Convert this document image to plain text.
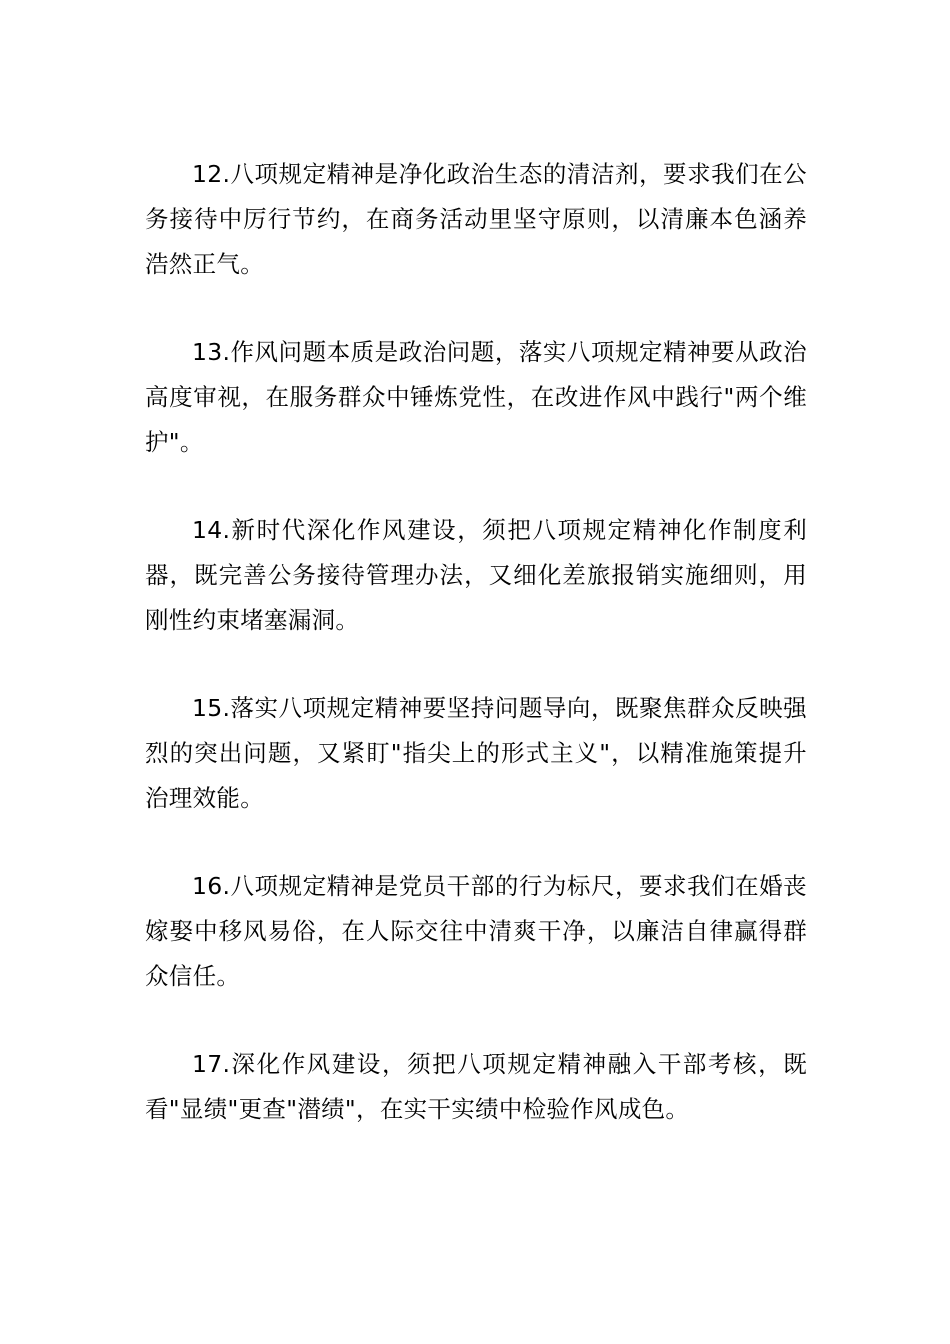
12.八项规定精神是净化政治生态的清洁剂，要求我们在公务接待中厉行节约，在商务活动里坚守原则，以清廉本色涵养浩然正气。

13.作风问题本质是政治问题，落实八项规定精神要从政治高度审视，在服务群众中锤炼党性，在改进作风中践行"两个维护"。

14.新时代深化作风建设，须把八项规定精神化作制度利器，既完善公务接待管理办法，又细化差旅报销实施细则，用刚性约束堵塞漏洞。

15.落实八项规定精神要坚持问题导向，既聚焦群众反映强烈的突出问题，又紧盯"指尖上的形式主义"，以精准施策提升治理效能。

16.八项规定精神是党员干部的行为标尺，要求我们在婚丧嫁娶中移风易俗，在人际交往中清爽干净，以廉洁自律赢得群众信任。

17.深化作风建设，须把八项规定精神融入干部考核，既看"显绩"更查"潜绩"，在实干实绩中检验作风成色。
